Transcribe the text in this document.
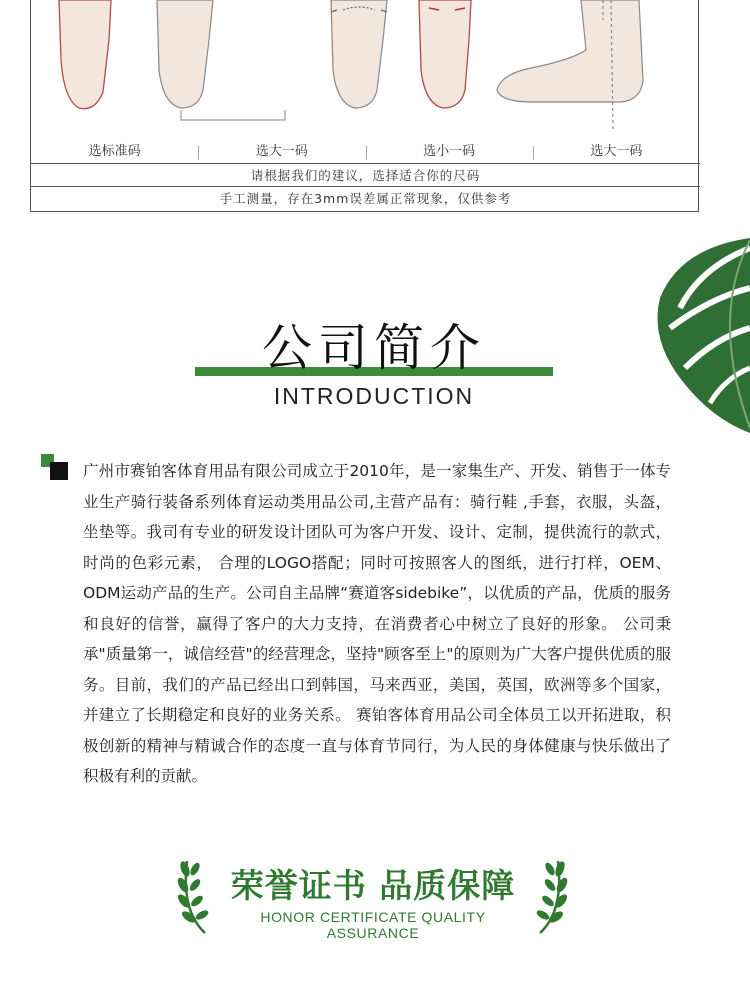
选标准码	选大一码	选小一码	选大一码
请根据我们的建议，选择适合你的尺码
手工测量，存在3mm误差属正常现象，仅供参考
公司简介
INTRODUCTION
广州市赛铂客体育用品有限公司成立于2010年，是一家集生产、开发、销售于一体专业生产骑行装备系列体育运动类用品公司,主营产品有：骑行鞋 ,手套，衣服，头盔，坐垫等。我司有专业的研发设计团队可为客户开发、设计、定制，提供流行的款式， 时尚的色彩元素， 合理的LOGO搭配；同时可按照客人的图纸，进行打样，OEM、ODM运动产品的生产。公司自主品牌“赛道客sidebike”，以优质的产品，优质的服务和良好的信誉，赢得了客户的大力支持，在消费者心中树立了良好的形象。 公司秉承"质量第一，诚信经营"的经营理念，坚持"顾客至上"的原则为广大客户提供优质的服务。目前，我们的产品已经出口到韩国，马来西亚，美国，英国，欧洲等多个国家，并建立了长期稳定和良好的业务关系。 赛铂客体育用品公司全体员工以开拓进取，积极创新的精神与精诚合作的态度一直与体育节同行，为人民的身体健康与快乐做出了积极有利的贡献。
荣誉证书 品质保障
HONOR CERTIFICATE QUALITY ASSURANCE
